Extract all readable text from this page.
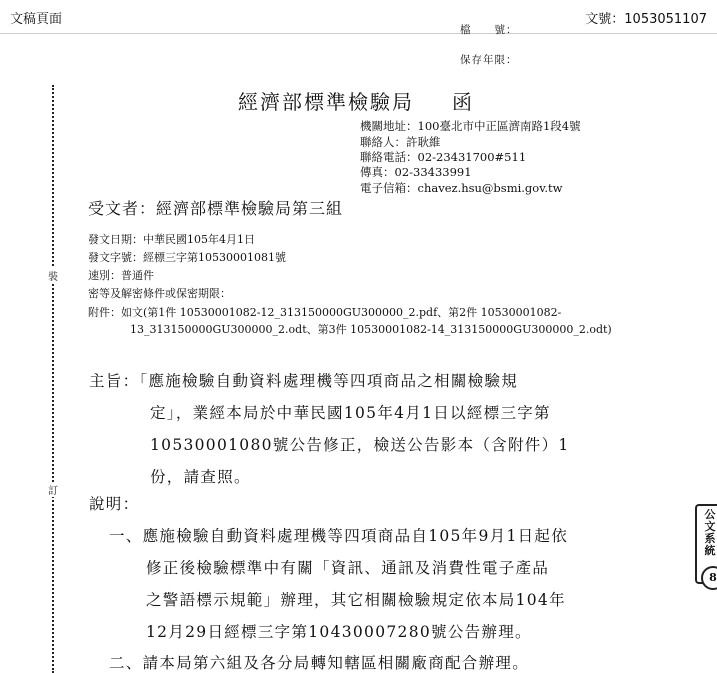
文稿頁面	文號：1053051107
檔　　號：
保存年限：
裝
訂
經濟部標準檢驗局 函
機關地址：100臺北市中正區濟南路1段4號
聯絡人：許耿維
聯絡電話：02-23431700#511
傳真：02-33433991
電子信箱：chavez.hsu@bsmi.gov.tw
受文者：經濟部標準檢驗局第三組
發文日期：中華民國105年4月1日
發文字號：經標三字第10530001081號
速別：普通件
密等及解密條件或保密期限：
附件：如文(第1件 10530001082-12_313150000GU300000_2.pdf、第2件 10530001082-13_313150000GU300000_2.odt、第3件 10530001082-14_313150000GU300000_2.odt)
主旨：「應施檢驗自動資料處理機等四項商品之相關檢驗規
定」，業經本局於中華民國105年4月1日以經標三字第
10530001080號公告修正，檢送公告影本（含附件）1
份，請查照。
說明：
一、應施檢驗自動資料處理機等四項商品自105年9月1日起依
修正後檢驗標準中有關「資訊、通訊及消費性電子產品
之警語標示規範」辦理，其它相關檢驗規定依本局104年
12月29日經標三字第10430007280號公告辦理。
二、請本局第六組及各分局轉知轄區相關廠商配合辦理。
公文
系統
8
